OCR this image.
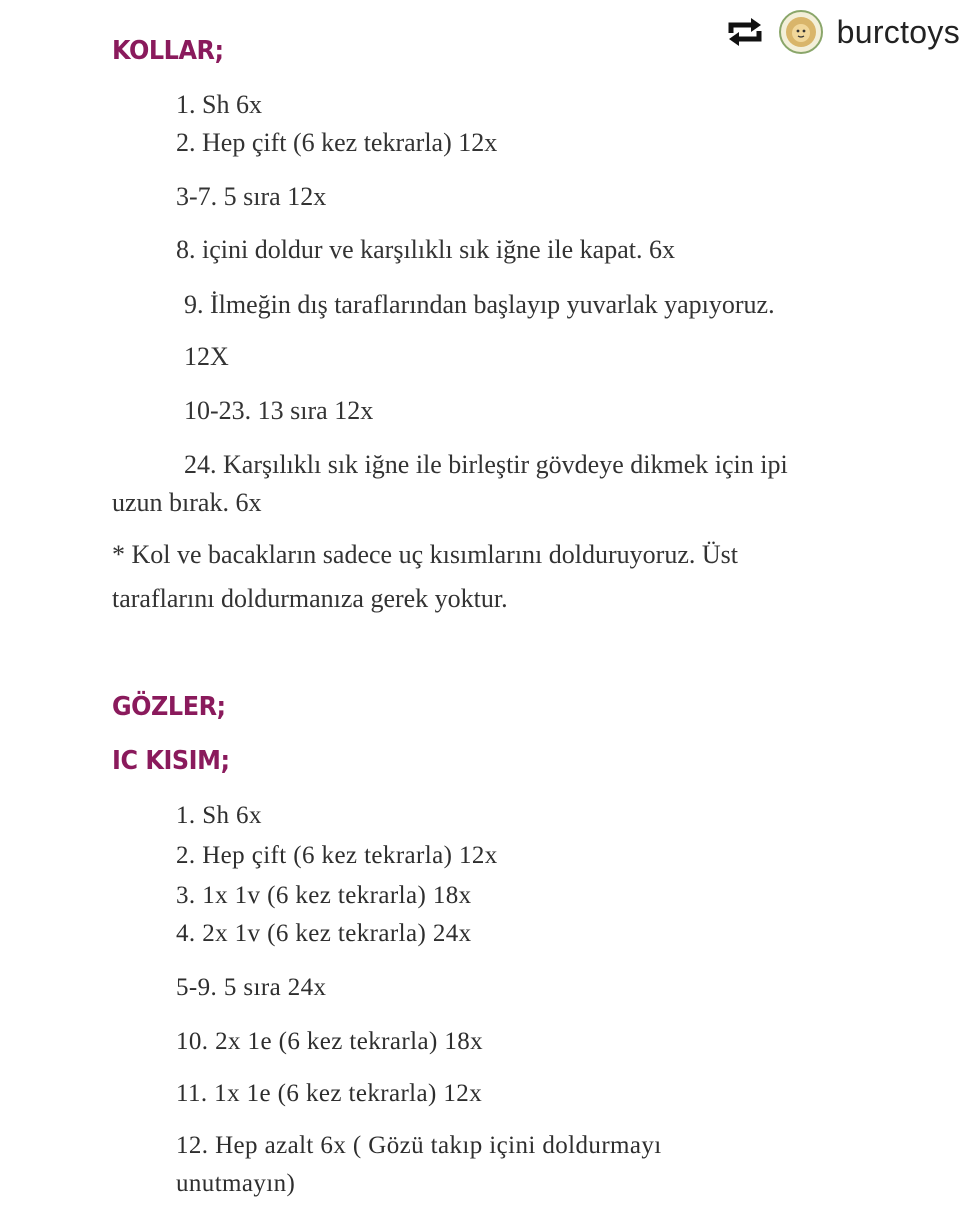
burctoys
KOLLAR;
1. Sh 6x
2. Hep çift (6 kez tekrarla) 12x
3-7. 5 sıra 12x
8. içini doldur ve karşılıklı sık iğne ile kapat. 6x
9. İlmeğin dış taraflarından başlayıp yuvarlak yapıyoruz.
12X
10-23. 13 sıra 12x
24. Karşılıklı sık iğne ile birleştir gövdeye dikmek için ipi
uzun bırak. 6x
* Kol ve bacakların sadece uç kısımlarını dolduruyoruz. Üst
taraflarını doldurmanıza gerek yoktur.
GÖZLER;
IC KISIM;
1. Sh 6x
2. Hep çift (6 kez tekrarla) 12x
3. 1x 1v (6 kez tekrarla) 18x
4. 2x 1v (6 kez tekrarla) 24x
5-9. 5 sıra 24x
10. 2x 1e (6 kez tekrarla) 18x
11. 1x 1e (6 kez tekrarla) 12x
12. Hep azalt 6x ( Gözü takıp içini doldurmayı
unutmayın)
